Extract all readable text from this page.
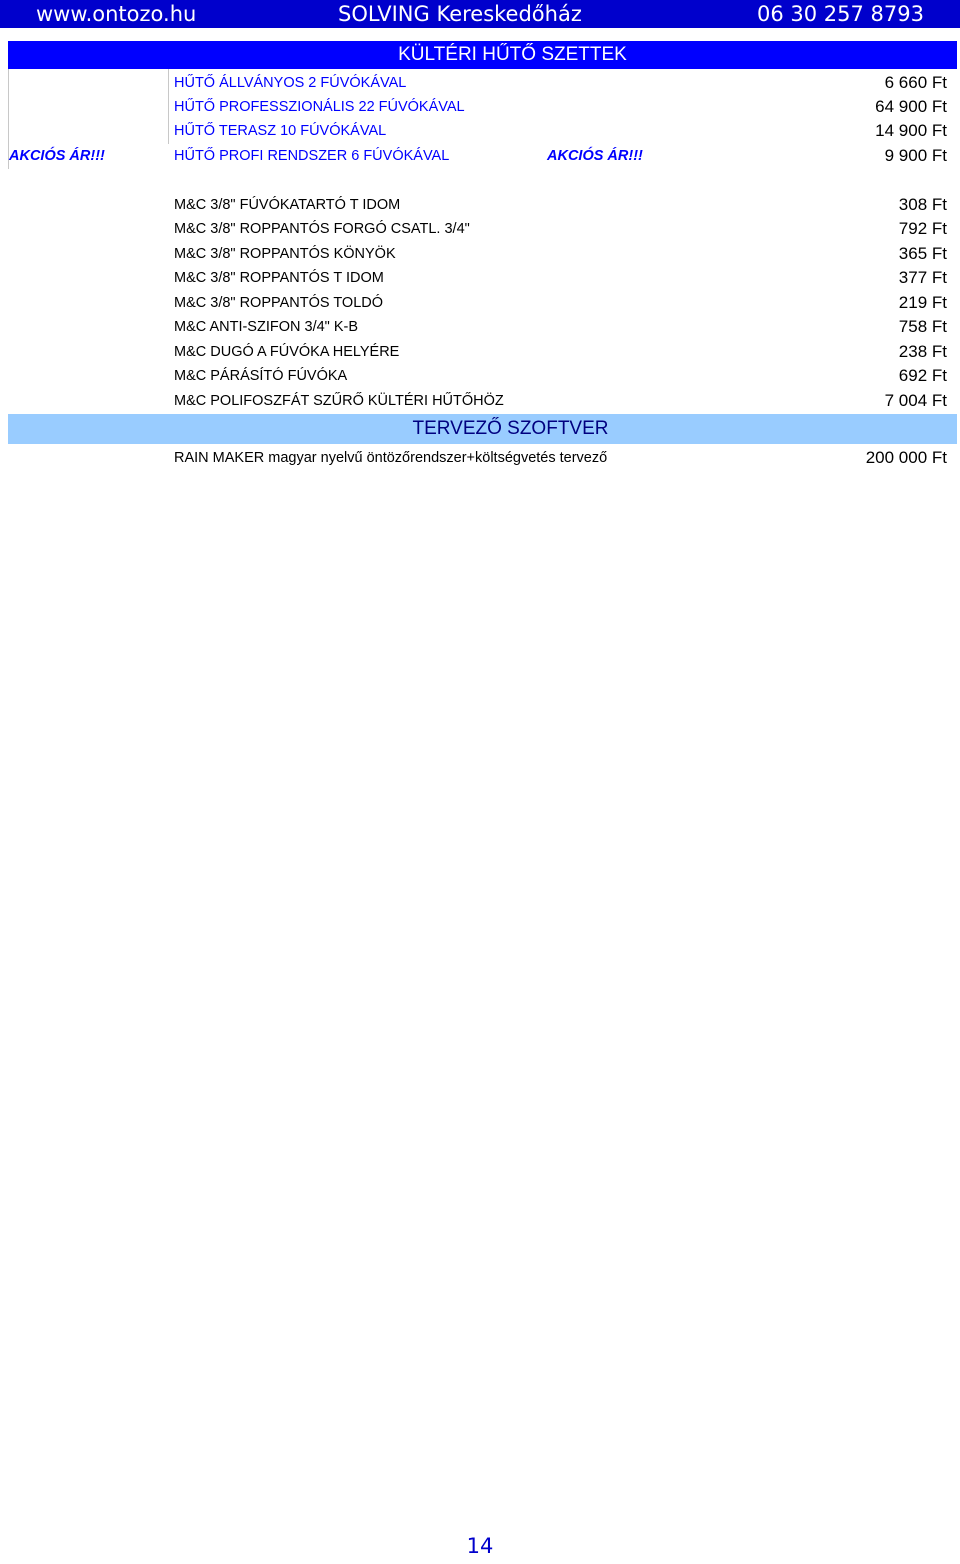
www.ontozo.hu	SOLVING Kereskedőház	06 30 257 8793
KÜLTÉRI HŰTŐ SZETTEK
HŰTŐ ÁLLVÁNYOS 2 FÚVÓKÁVAL	6 660 Ft
HŰTŐ PROFESSZIONÁLIS 22 FÚVÓKÁVAL	64 900 Ft
HŰTŐ TERASZ 10 FÚVÓKÁVAL	14 900 Ft
AKCIÓS ÁR!!!	HŰTŐ PROFI RENDSZER 6 FÚVÓKÁVAL	AKCIÓS ÁR!!!	9 900 Ft
M&C 3/8" FÚVÓKATARTÓ T IDOM	308 Ft
M&C 3/8" ROPPANTÓS FORGÓ CSATL. 3/4"	792 Ft
M&C 3/8" ROPPANTÓS KÖNYÖK	365 Ft
M&C 3/8" ROPPANTÓS T IDOM	377 Ft
M&C 3/8" ROPPANTÓS TOLDÓ	219 Ft
M&C ANTI-SZIFON 3/4" K-B	758 Ft
M&C DUGÓ A FÚVÓKA HELYÉRE	238 Ft
M&C PÁRÁSÍTÓ FÚVÓKA	692 Ft
M&C POLIFOSZFÁT SZŰRŐ KÜLTÉRI HŰTŐHÖZ	7 004 Ft
TERVEZŐ SZOFTVER
RAIN MAKER magyar nyelvű öntözőrendszer+költségvetés tervező	200 000 Ft
14
